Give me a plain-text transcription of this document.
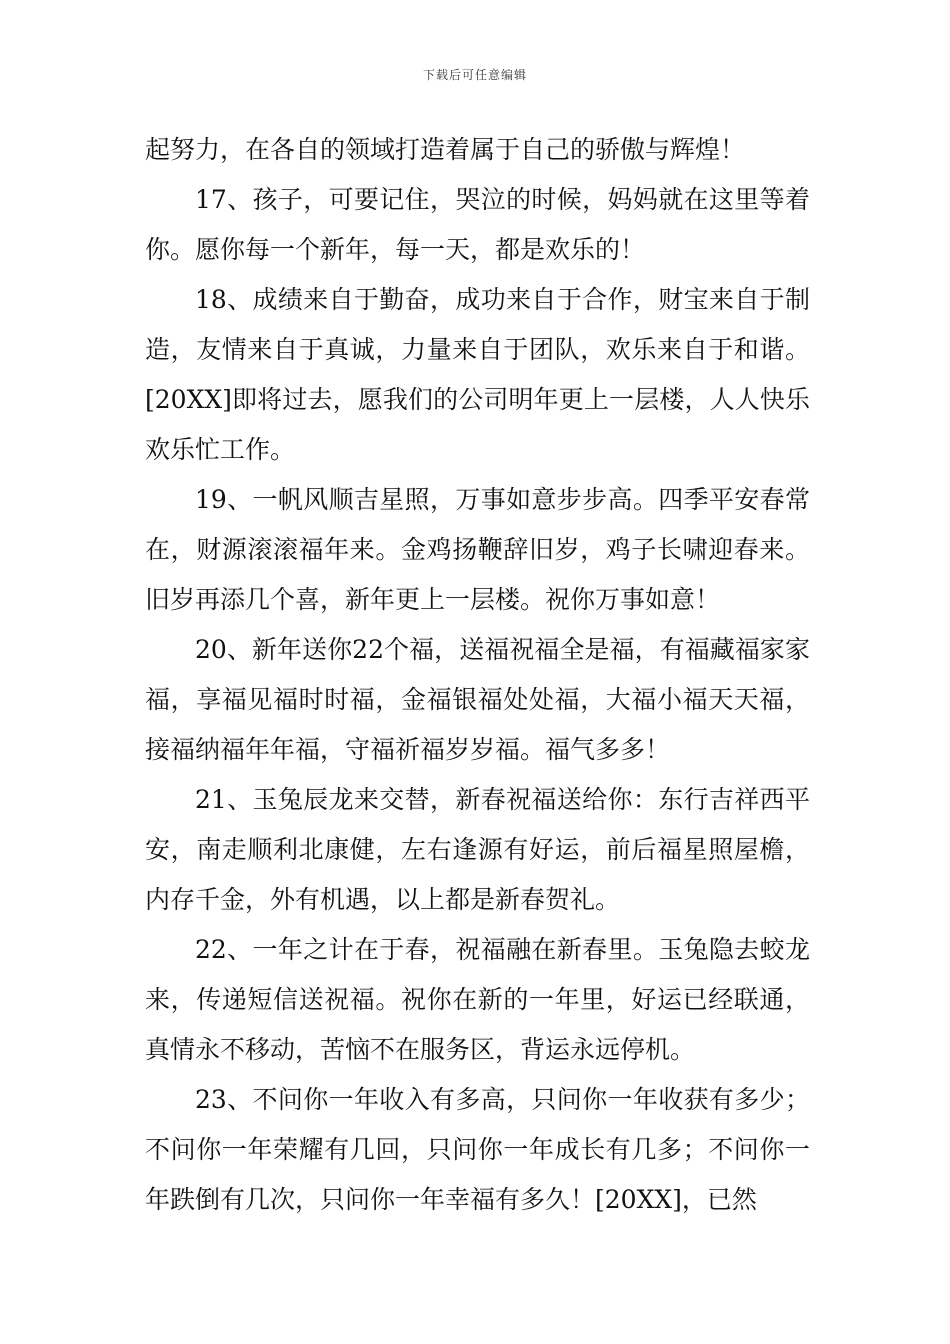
下载后可任意编辑

起努力，在各自的领域打造着属于自己的骄傲与辉煌！

17、孩子，可要记住，哭泣的时候，妈妈就在这里等着你。愿你每一个新年，每一天，都是欢乐的！

18、成绩来自于勤奋，成功来自于合作，财宝来自于制造，友情来自于真诚，力量来自于团队，欢乐来自于和谐。[20XX]即将过去，愿我们的公司明年更上一层楼，人人快乐欢乐忙工作。

19、一帆风顺吉星照，万事如意步步高。四季平安春常在，财源滚滚福年来。金鸡扬鞭辞旧岁，鸡子长啸迎春来。旧岁再添几个喜，新年更上一层楼。祝你万事如意！

20、新年送你22个福，送福祝福全是福，有福藏福家家福，享福见福时时福，金福银福处处福，大福小福天天福，接福纳福年年福，守福祈福岁岁福。福气多多！

21、玉兔辰龙来交替，新春祝福送给你：东行吉祥西平安，南走顺利北康健，左右逢源有好运，前后福星照屋檐，内存千金，外有机遇，以上都是新春贺礼。

22、一年之计在于春，祝福融在新春里。玉兔隐去蛟龙来，传递短信送祝福。祝你在新的一年里，好运已经联通，真情永不移动，苦恼不在服务区，背运永远停机。

23、不问你一年收入有多高，只问你一年收获有多少；不问你一年荣耀有几回，只问你一年成长有几多；不问你一年跌倒有几次，只问你一年幸福有多久！[20XX]，已然
